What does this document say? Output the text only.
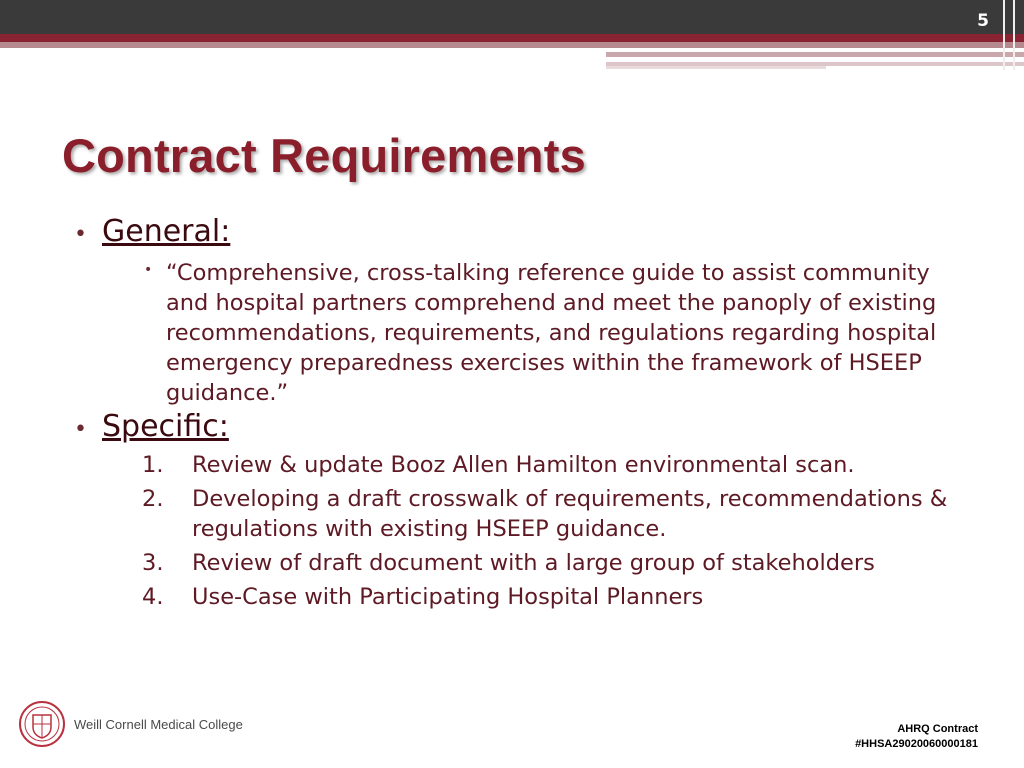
5
Contract Requirements
• General:
• “Comprehensive, cross-talking reference guide to assist community and hospital partners comprehend and meet the panoply of existing recommendations, requirements, and regulations regarding hospital emergency preparedness exercises within the framework of HSEEP guidance.”
• Specific:
1.	Review & update Booz Allen Hamilton environmental scan.
2.	Developing a draft crosswalk of requirements, recommendations & regulations with existing HSEEP guidance.
3.	Review of draft document with a large group of stakeholders
4.	Use-Case with Participating Hospital Planners
Weill Cornell Medical College	AHRQ Contract
#HHSA29020060000181
